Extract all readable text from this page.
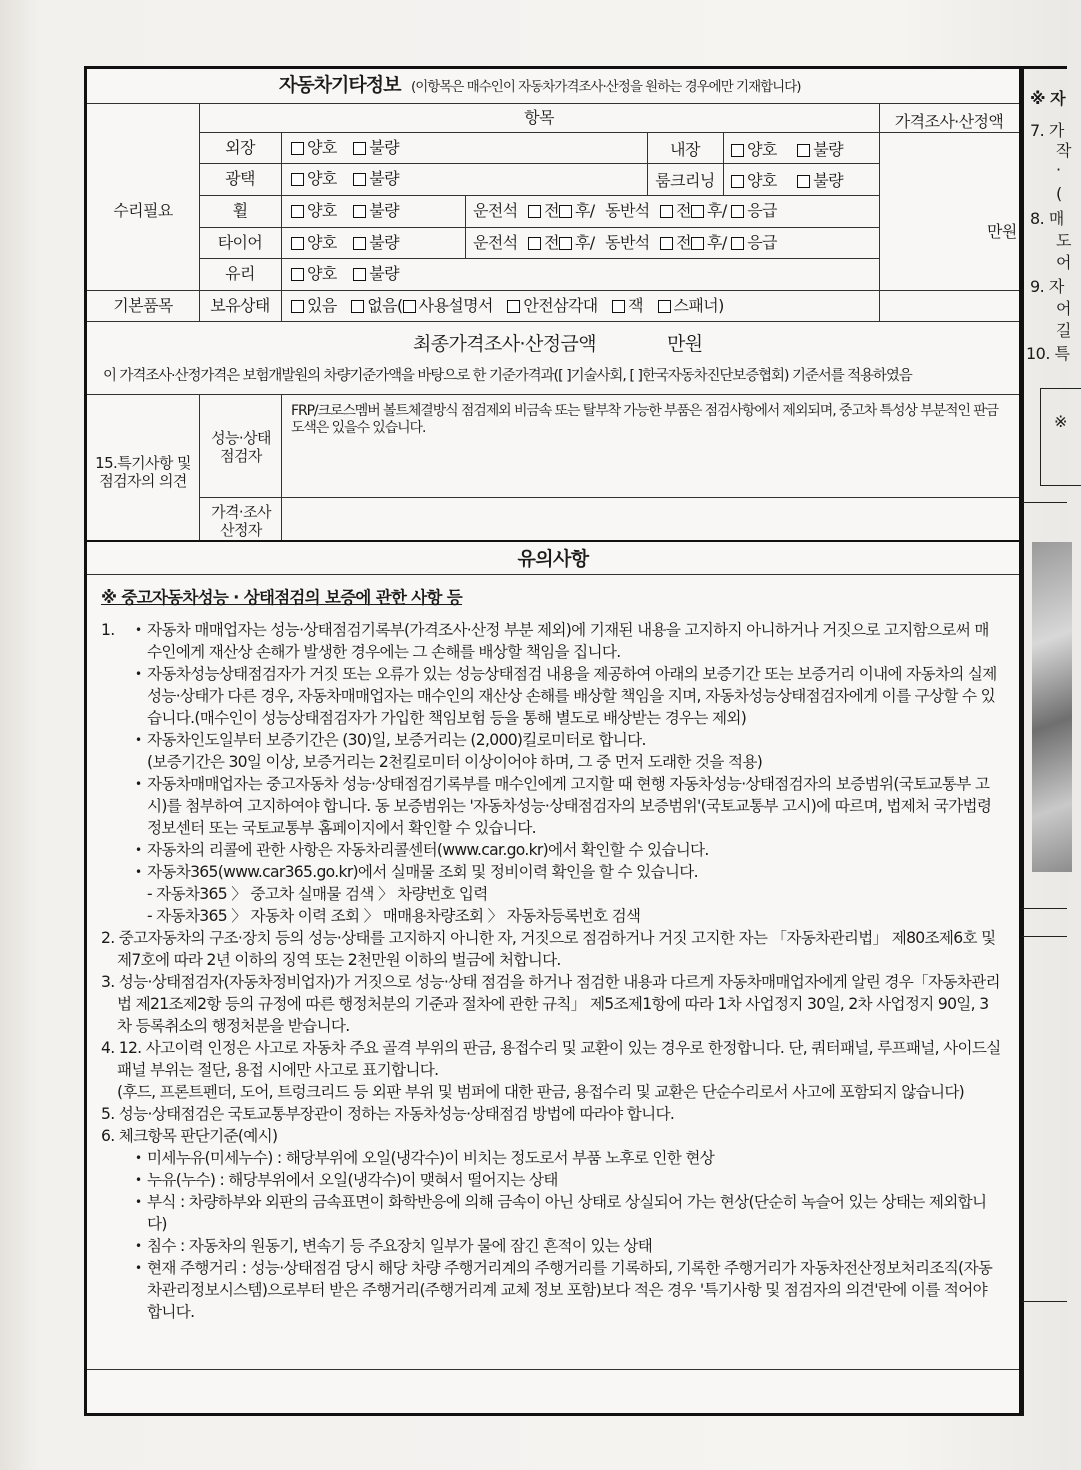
자동차기타정보 (이항목은 매수인이 자동차가격조사·산정을 원하는 경우에만 기재합니다)
항목	가격조사·산정액
수리필요
기본품목
외장
광택
휠
타이어
유리
보유상태
양호 불량
양호 불량
양호 불량
양호 불량
양호 불량
내장
룸크리닝
양호 불량
양호 불량
운전석 전 후/ 동반석 전 후/ 응급
운전석 전 후/ 동반석 전 후/ 응급
있음 없음( 사용설명서 안전삼각대 잭 스패너)
만원
최종가격조사·산정금액	만원
이 가격조사·산정가격은 보험개발원의 차량기준가액을 바탕으로 한 기준가격과([ ]기술사회, [ ]한국자동차진단보증협회) 기준서를 적용하였음
15.특기사항 및 점검자의 의견
성능·상태 점검자
FRP/크로스멤버 볼트체결방식 점검제외 비금속 또는 탈부착 가능한 부품은 점검사항에서 제외되며, 중고차 특성상 부분적인 판금도색은 있을수 있습니다.
가격·조사 산정자
유의사항
※ 중고자동차성능 · 상태점검의 보증에 관한 사항 등
1. • 자동차 매매업자는 성능·상태점검기록부(가격조사·산정 부분 제외)에 기재된 내용을 고지하지 아니하거나 거짓으로 고지함으로써 매수인에게 재산상 손해가 발생한 경우에는 그 손해를 배상할 책임을 집니다.
• 자동차성능상태점검자가 거짓 또는 오류가 있는 성능상태점검 내용을 제공하여 아래의 보증기간 또는 보증거리 이내에 자동차의 실제 성능·상태가 다른 경우, 자동차매매업자는 매수인의 재산상 손해를 배상할 책임을 지며, 자동차성능상태점검자에게 이를 구상할 수 있습니다.(매수인이 성능상태점검자가 가입한 책임보험 등을 통해 별도로 배상받는 경우는 제외)
• 자동차인도일부터 보증기간은 (30)일, 보증거리는 (2,000)킬로미터로 합니다.
(보증기간은 30일 이상, 보증거리는 2천킬로미터 이상이어야 하며, 그 중 먼저 도래한 것을 적용)
• 자동차매매업자는 중고자동차 성능·상태점검기록부를 매수인에게 고지할 때 현행 자동차성능·상태점검자의 보증범위(국토교통부 고시)를 첨부하여 고지하여야 합니다. 동 보증범위는 '자동차성능·상태점검자의 보증범위'(국토교통부 고시)에 따르며, 법제처 국가법령정보센터 또는 국토교통부 홈페이지에서 확인할 수 있습니다.
• 자동차의 리콜에 관한 사항은 자동차리콜센터(www.car.go.kr)에서 확인할 수 있습니다.
• 자동차365(www.car365.go.kr)에서 실매물 조회 및 정비이력 확인을 할 수 있습니다.
- 자동차365 〉 중고차 실매물 검색 〉 차량번호 입력
- 자동차365 〉 자동차 이력 조회 〉 매매용차량조회 〉 자동차등록번호 검색
2. 중고자동차의 구조·장치 등의 성능·상태를 고지하지 아니한 자, 거짓으로 점검하거나 거짓 고지한 자는 「자동차관리법」 제80조제6호 및 제7호에 따라 2년 이하의 징역 또는 2천만원 이하의 벌금에 처합니다.
3. 성능·상태점검자(자동차정비업자)가 거짓으로 성능·상태 점검을 하거나 점검한 내용과 다르게 자동차매매업자에게 알린 경우「자동차관리법 제21조제2항 등의 규정에 따른 행정처분의 기준과 절차에 관한 규칙」 제5조제1항에 따라 1차 사업정지 30일, 2차 사업정지 90일, 3차 등록취소의 행정처분을 받습니다.
4. 12. 사고이력 인정은 사고로 자동차 주요 골격 부위의 판금, 용접수리 및 교환이 있는 경우로 한정합니다. 단, 쿼터패널, 루프패널, 사이드실패널 부위는 절단, 용접 시에만 사고로 표기합니다.
(후드, 프론트펜더, 도어, 트렁크리드 등 외판 부위 및 범퍼에 대한 판금, 용접수리 및 교환은 단순수리로서 사고에 포함되지 않습니다)
5. 성능·상태점검은 국토교통부장관이 정하는 자동차성능·상태점검 방법에 따라야 합니다.
6. 체크항목 판단기준(예시)
• 미세누유(미세누수) : 해당부위에 오일(냉각수)이 비치는 정도로서 부품 노후로 인한 현상
• 누유(누수) : 해당부위에서 오일(냉각수)이 맺혀서 떨어지는 상태
• 부식 : 차량하부와 외판의 금속표면이 화학반응에 의해 금속이 아닌 상태로 상실되어 가는 현상(단순히 녹슬어 있는 상태는 제외합니다)
• 침수 : 자동차의 원동기, 변속기 등 주요장치 일부가 물에 잠긴 흔적이 있는 상태
• 현재 주행거리 : 성능·상태점검 당시 해당 차량 주행거리계의 주행거리를 기록하되, 기록한 주행거리가 자동차전산정보처리조직(자동차관리정보시스템)으로부터 받은 주행거리(주행거리계 교체 정보 포함)보다 적은 경우 '특기사항 및 점검자의 의견'란에 이를 적어야 합니다.
※ 자
7. 가
작
·
(
8. 매
도
어
9. 자
어
길
10. 특
※
